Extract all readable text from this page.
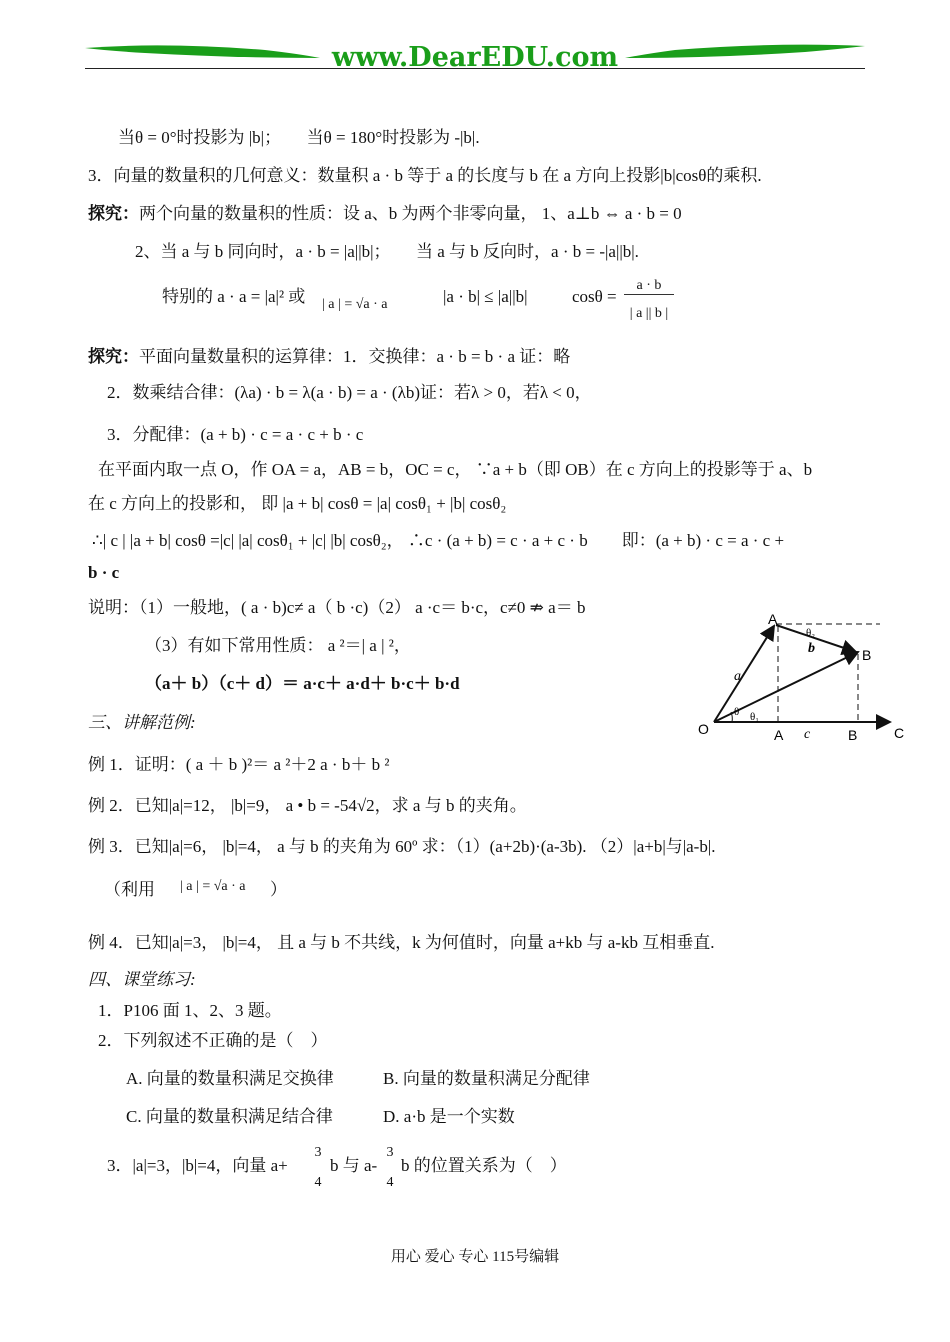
www.DearEDU.com
当θ = 0°时投影为 |b|；　　当θ = 180°时投影为 -|b|.
3．向量的数量积的几何意义：数量积 a · b 等于 a 的长度与 b 在 a 方向上投影|b|cosθ的乘积.
探究：两个向量的数量积的性质：设 a、b 为两个非零向量， 1、a⊥b ⇔ a · b = 0
2、当 a 与 b 同向时，a · b = |a||b|；　　当 a 与 b 反向时，a · b = -|a||b|.
特别的 a · a = |a|² 或 | a | = √a · a	|a · b| ≤ |a||b|	cosθ =
a · b
| a || b |
探究：平面向量数量积的运算律：1．交换律：a · b = b · a 证：略
2．数乘结合律：(λa) · b = λ(a · b) = a · (λb)证：若λ > 0，若λ < 0，
3．分配律：(a + b) · c = a · c + b · c
在平面内取一点 O，作 OA = a，AB = b，OC = c， ∵a + b（即 OB）在 c 方向上的投影等于 a、b
在 c 方向上的投影和， 即 |a + b| cosθ = |a| cosθ₁ + |b| cosθ₂
∴| c | |a + b| cosθ =|c| |a| cosθ₁ + |c| |b| cosθ₂， ∴c · (a + b) = c · a + c · b　　即：(a + b) · c = a · c +
b · c
说明：（1）一般地，( a · b)c≠ a（ b ·c)（2） a ·c＝ b·c，c≠0 ⇏ a＝ b
（3）有如下常用性质： a ²＝| a | ²，
（a＋ b）（c＋ d）＝ a·c＋ a·d＋ b·c＋ b·d
三、讲解范例:
例 1．证明：( a ＋ b )²＝ a ²＋2 a · b＋ b ²
例 2．已知|a|=12， |b|=9， a • b = -54√2，求 a 与 b 的夹角。
例 3．已知|a|=6， |b|=4， a 与 b 的夹角为 60º 求：（1）(a+2b)·(a-3b). （2）|a+b|与|a-b|.
（利用 | a | = √a · a ）
例 4．已知|a|=3， |b|=4， 且 a 与 b 不共线，k 为何值时，向量 a+kb 与 a-kb 互相垂直.
四、课堂练习:
1．P106 面 1、2、3 题。
2．下列叙述不正确的是（　）
A. 向量的数量积满足交换律	B. 向量的数量积满足分配律
C. 向量的数量积满足结合律	D. a·b 是一个实数
3．|a|=3，|b|=4，向量 a+
3
4
b 与 a-
3
4
b 的位置关系为（　）
O
A
B
C
A	B
a
b
c
θ θ₁
θ₂
用心 爱心 专心 115号编辑
